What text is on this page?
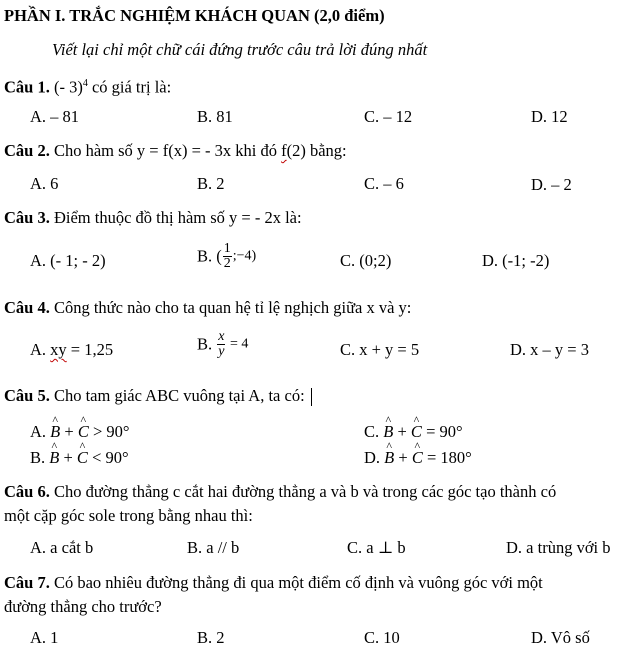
PHẦN I. TRẮC NGHIỆM KHÁCH QUAN (2,0 điểm)
Viết lại chỉ một chữ cái đứng trước câu trả lời đúng nhất
Câu 1. (- 3)$^4$ có giá trị là:
A. – 81	B. 81	C. – 12	D. 12
Câu 2. Cho hàm số y = f(x) = - 3x khi đó f(2) bằng:
A. 6	B. 2	C. – 6	D. – 2
Câu 3. Điểm thuộc đồ thị hàm số y = - 2x là:
A. (- 1; - 2)	B. ( $\frac{1}{2}$ ;−4)	C. (0;2)	D. (-1; -2)
Câu 4. Công thức nào cho ta quan hệ tỉ lệ nghịch giữa x và y:
A. xy = 1,25	B. $\frac{x}{y} = 4$	C. x + y = 5	D. x – y = 3
Câu 5. Cho tam giác ABC vuông tại A, ta có:
A. ^ B + ^ C > 90°	C. ^ B + ^ C = 90°
B. ^ B + ^ C < 90°	D. ^ B + ^ C = 180°
Câu 6. Cho đường thẳng c cắt hai đường thẳng a và b và trong các góc tạo thành có
một cặp góc sole trong bằng nhau thì:
A. a cắt b	B. a // b	C. a ⊥ b	D. a trùng với b
Câu 7. Có bao nhiêu đường thẳng đi qua một điểm cố định và vuông góc với một
đường thẳng cho trước?
A. 1	B. 2	C. 10	D. Vô số
